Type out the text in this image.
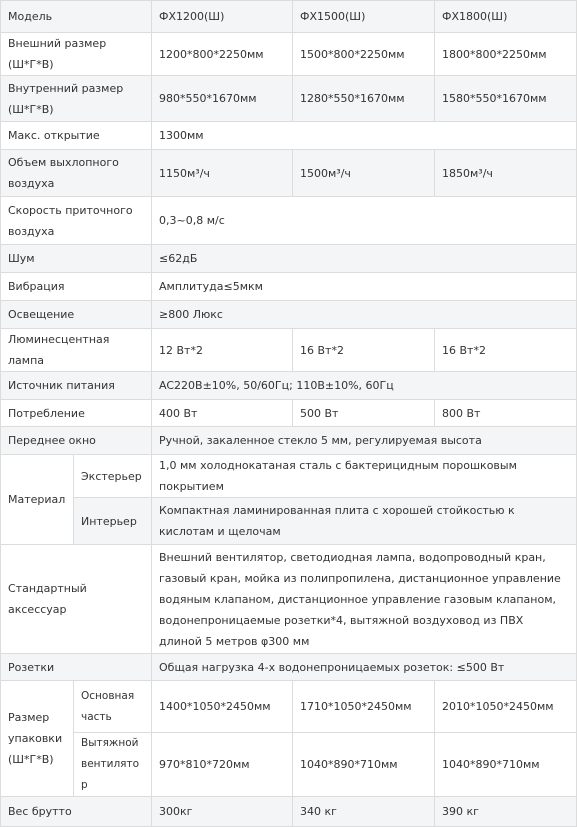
Модель		ФХ1200(Ш)	ФХ1500(Ш)	ФХ1800(Ш)
Внешний размер (Ш*Г*В)		1200*800*2250мм	1500*800*2250мм	1800*800*2250мм
Внутренний размер (Ш*Г*В)		980*550*1670мм	1280*550*1670мм	1580*550*1670мм
Макс. открытие		1300мм		
Объем выхлопного воздуха		1150м³/ч	1500м³/ч	1850м³/ч
Скорость приточного воздуха		0,3~0,8 м/с		
Шум		≤62дБ		
Вибрация		Амплитуда≤5мкм		
Освещение		≥800 Люкс		
Люминесцентная лампа		12 Вт*2	16 Вт*2	16 Вт*2
Источник питания		AC220В±10%, 50/60Гц; 110В±10%, 60Гц		
Потребление		400 Вт	500 Вт	800 Вт
Переднее окно		Ручной, закаленное стекло 5 мм, регулируемая высота		
Материал	Экстерьер	1,0 мм холоднокатаная сталь с бактерицидным порошковым покрытием		
	Интерьер	Компактная ламинированная плита с хорошей стойкостью к кислотам и щелочам		
Стандартный аксессуар		Внешний вентилятор, светодиодная лампа, водопроводный кран, газовый кран, мойка из полипропилена, дистанционное управление водяным клапаном, дистанционное управление газовым клапаном, водонепроницаемые розетки*4, вытяжной воздуховод из ПВХ длиной 5 метров φ300 мм		
Розетки		Общая нагрузка 4-х водонепроницаемых розеток: ≤500 Вт		
Размер упаковки (Ш*Г*В)	Основная часть	1400*1050*2450мм	1710*1050*2450мм	2010*1050*2450мм
	Вытяжной вентилятор	970*810*720мм	1040*890*710мм	1040*890*710мм
Вес брутто		300кг	340 кг	390 кг
